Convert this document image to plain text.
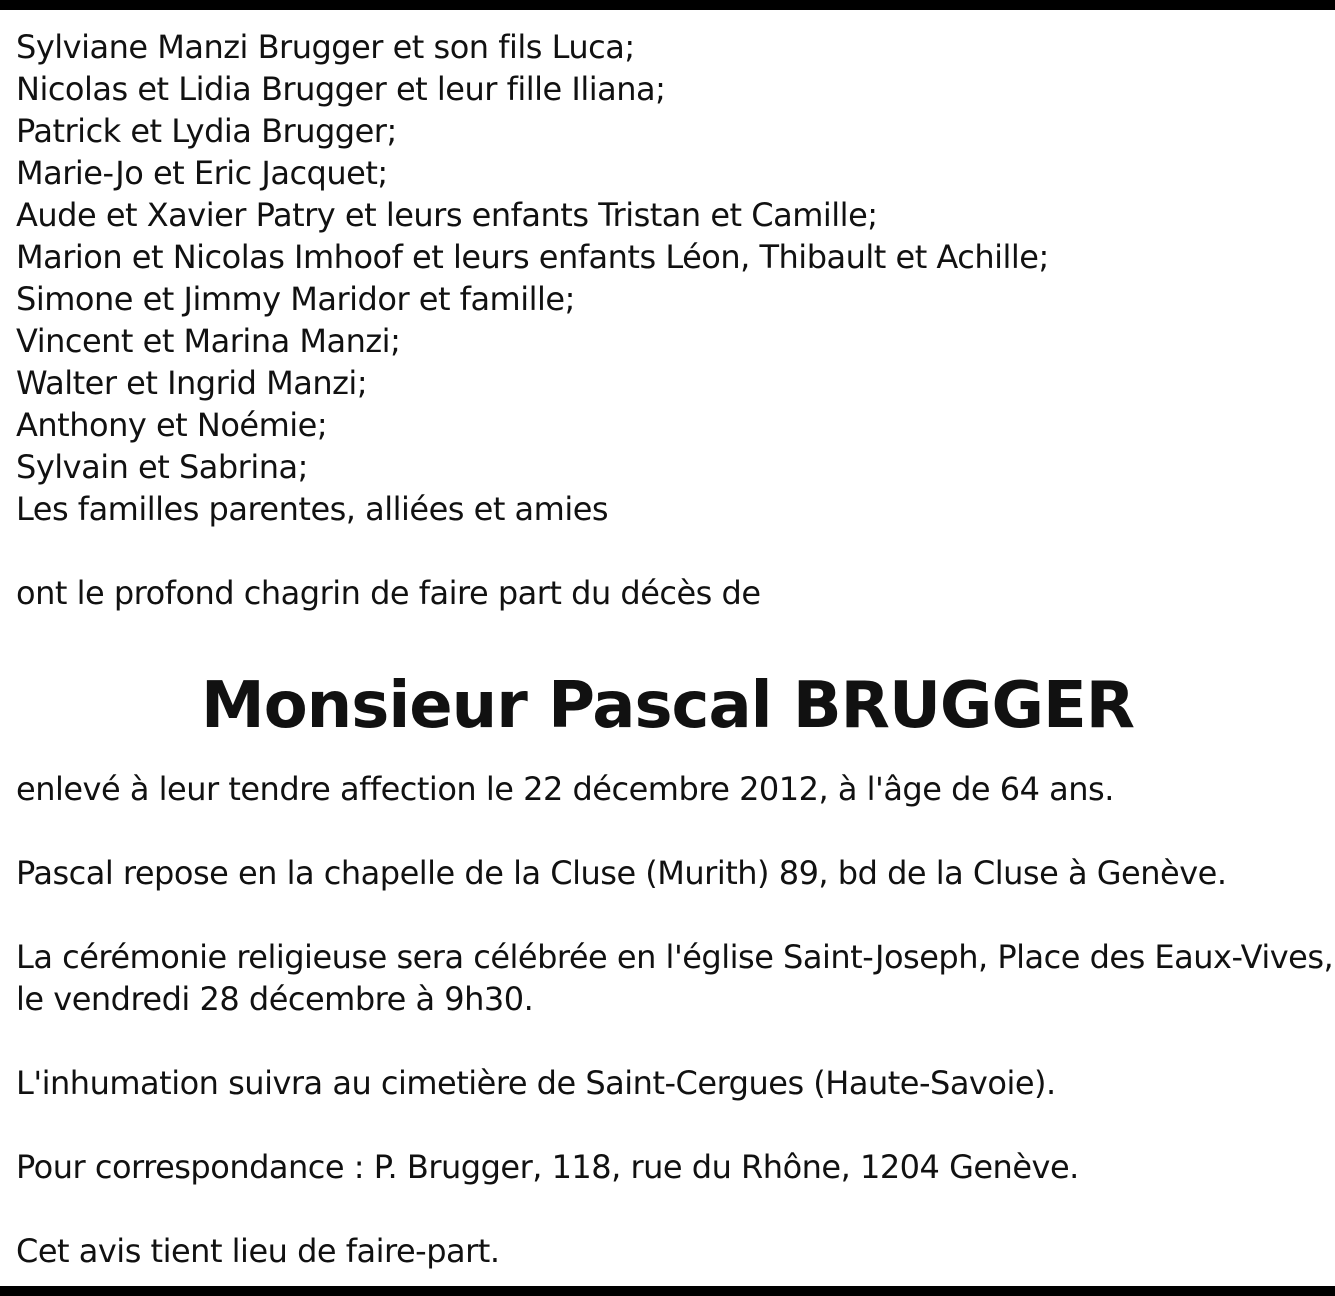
Sylviane Manzi Brugger et son fils Luca;
Nicolas et Lidia Brugger et leur fille Iliana;
Patrick et Lydia Brugger;
Marie-Jo et Eric Jacquet;
Aude et Xavier Patry et leurs enfants Tristan et Camille;
Marion et Nicolas Imhoof et leurs enfants Léon, Thibault et Achille;
Simone et Jimmy Maridor et famille;
Vincent et Marina Manzi;
Walter et Ingrid Manzi;
Anthony et Noémie;
Sylvain et Sabrina;
Les familles parentes, alliées et amies

ont le profond chagrin de faire part du décès de

Monsieur Pascal BRUGGER

enlevé à leur tendre affection le 22 décembre 2012, à l'âge de 64 ans.

Pascal repose en la chapelle de la Cluse (Murith) 89, bd de la Cluse à Genève.

La cérémonie religieuse sera célébrée en l'église Saint-Joseph, Place des Eaux-Vives,

le vendredi 28 décembre à 9h30.

L'inhumation suivra au cimetière de Saint-Cergues (Haute-Savoie).

Pour correspondance : P. Brugger, 118, rue du Rhône, 1204 Genève.

Cet avis tient lieu de faire-part.
